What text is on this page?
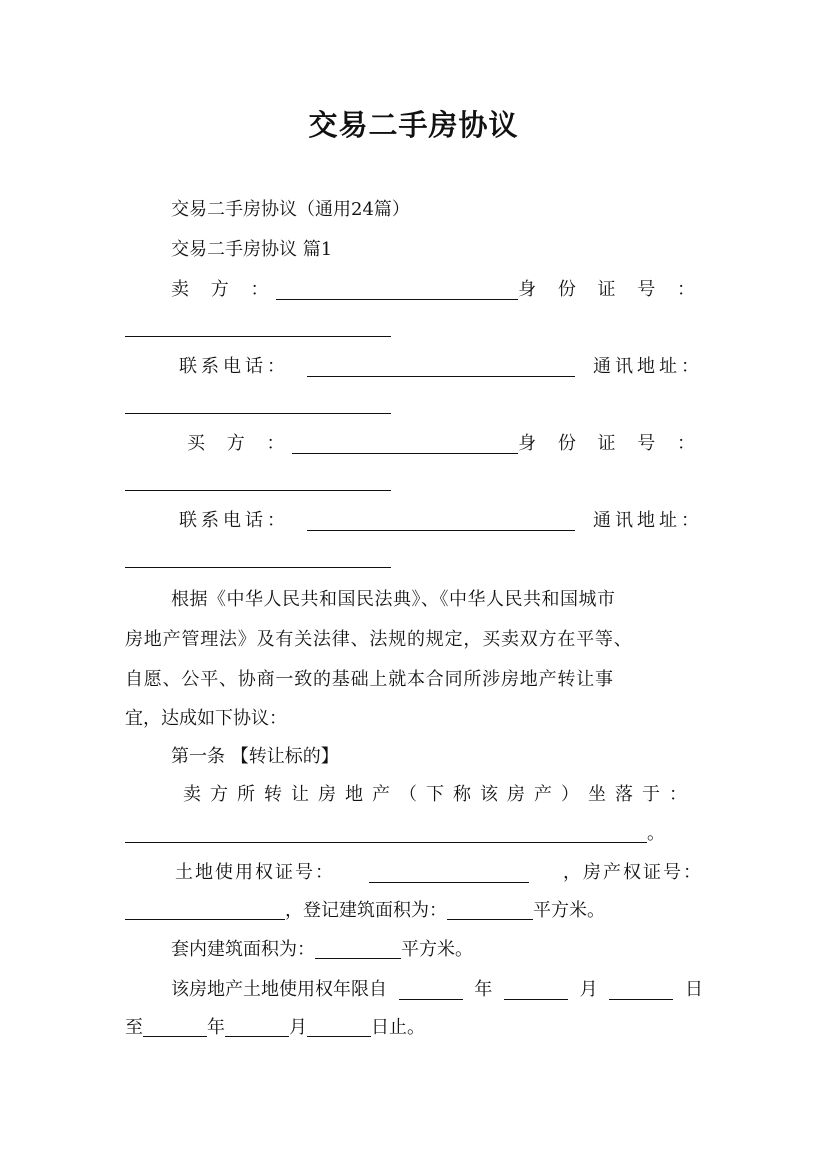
交易二手房协议
交易二手房协议（通用24篇）
交易二手房协议 篇1
卖 方 ：	身 份 证 号 ：
联系电话：	通讯地址：
买 方 ：	身 份 证 号 ：
联系电话：	通讯地址：
根据《中华人民共和国民法典》、《中华人民共和国城市
房地产管理法》及有关法律、法规的规定，买卖双方在平等、
自愿、公平、协商一致的基础上就本合同所涉房地产转让事
宜，达成如下协议：
第一条 【转让标的】
卖方所转让房地产（下称该房产）坐落于：
。
土地使用权证号：	，房产权证号：
，登记建筑面积为：	平方米。
套内建筑面积为：	平方米。
该房地产土地使用权年限自	年	月	日
至	年	月	日止。
